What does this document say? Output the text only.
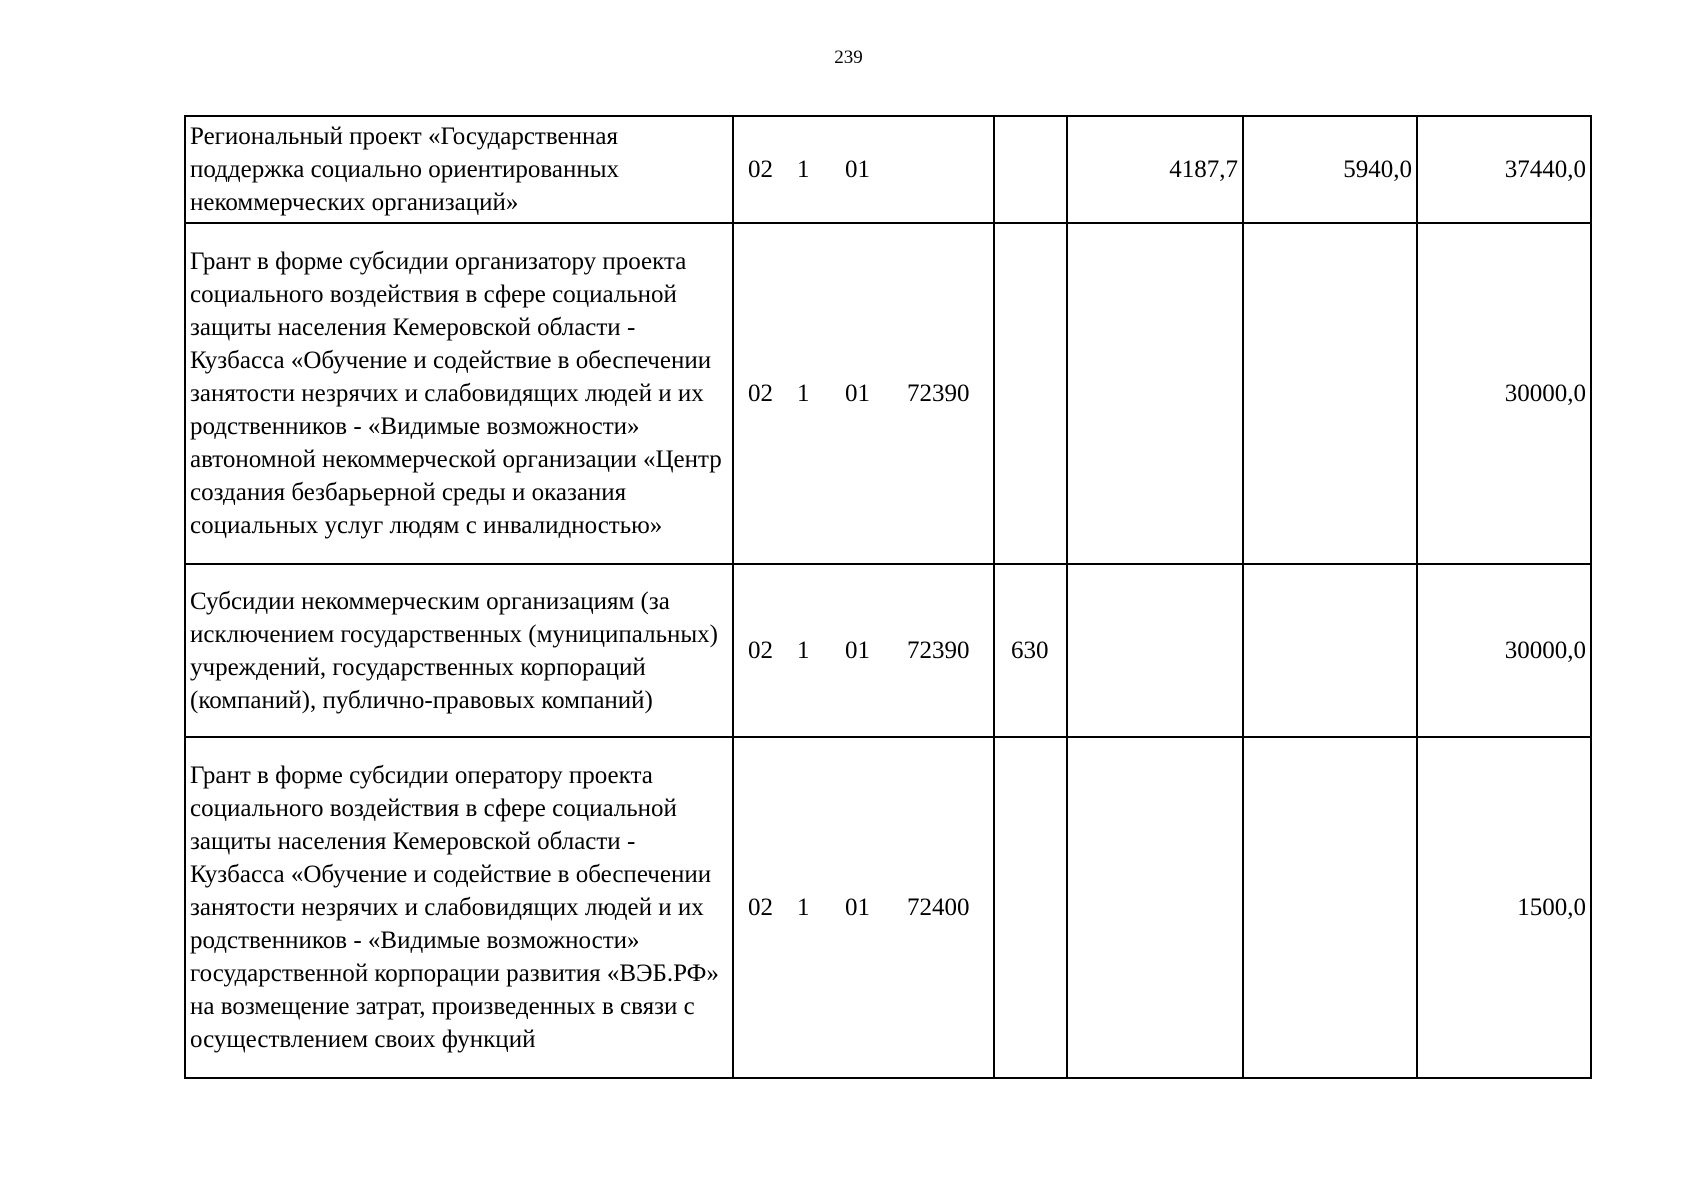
239
Региональный проект «Государственная поддержка социально ориентированных некоммерческих организаций»	02 1 01		4187,7	5940,0	37440,0
Грант в форме субсидии организатору проекта социального воздействия в сфере социальной защиты населения Кемеровской области - Кузбасса «Обучение и содействие в обеспечении занятости незрячих и слабовидящих людей и их родственников - «Видимые возможности» автономной некоммерческой организации «Центр создания безбарьерной среды и оказания социальных услуг людям с инвалидностью»	02 1 01 72390				30000,0
Субсидии некоммерческим организациям (за исключением государственных (муниципальных) учреждений, государственных корпораций (компаний), публично-правовых компаний)	02 1 01 72390	630			30000,0
Грант в форме субсидии оператору проекта социального воздействия в сфере социальной защиты населения Кемеровской области - Кузбасса «Обучение и содействие в обеспечении занятости незрячих и слабовидящих людей и их родственников - «Видимые возможности» государственной корпорации развития «ВЭБ.РФ» на возмещение затрат, произведенных в связи с осуществлением своих функций	02 1 01 72400				1500,0
